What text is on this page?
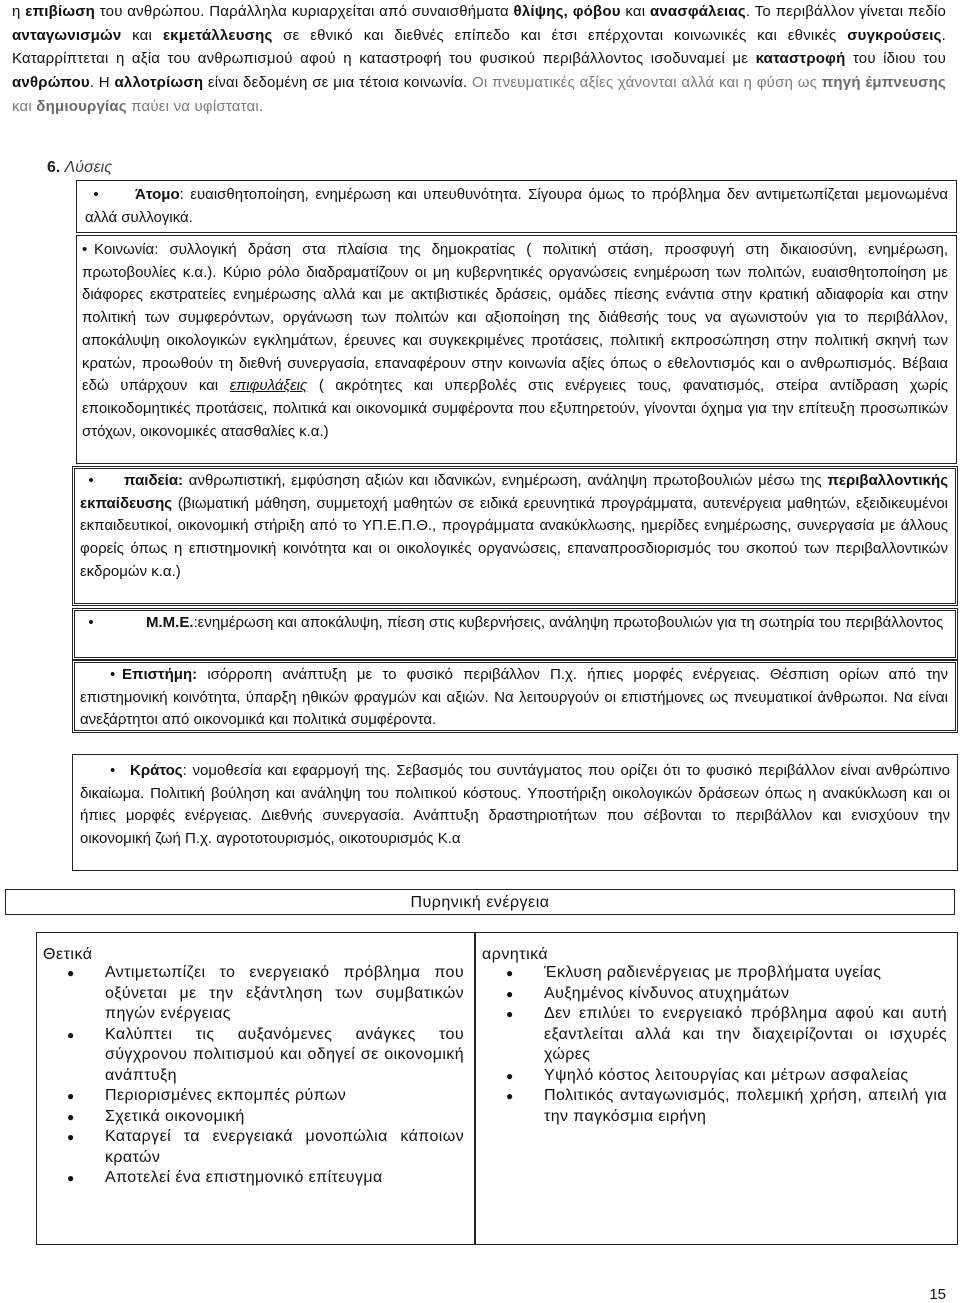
η επιβίωση του ανθρώπου. Παράλληλα κυριαρχείται από συναισθήματα θλίψης, φόβου και ανασφάλειας. Το περιβάλλον γίνεται πεδίο ανταγωνισμών και εκμετάλλευσης σε εθνικό και διεθνές επίπεδο και έτσι επέρχονται κοινωνικές και εθνικές συγκρούσεις. Καταρρίπτεται η αξία του ανθρωπισμού αφού η καταστροφή του φυσικού περιβάλλοντος ισοδυναμεί με καταστροφή του ίδιου του ανθρώπου. Η αλλοτρίωση είναι δεδομένη σε μια τέτοια κοινωνία. Οι πνευματικές αξίες χάνονται αλλά και η φύση ως πηγή έμπνευσης και δημιουργίας παύει να υφίσταται.
6. Λύσεις

• Άτομο: ευαισθητοποίηση, ενημέρωση και υπευθυνότητα. Σίγουρα όμως το πρόβλημα δεν αντιμετωπίζεται μεμονωμένα αλλά συλλογικά.

• Κοινωνία: συλλογική δράση στα πλαίσια της δημοκρατίας ( πολιτική στάση, προσφυγή στη δικαιοσύνη, ενημέρωση, πρωτοβουλίες κ.α.). Κύριο ρόλο διαδραματίζουν οι μη κυβερνητικές οργανώσεις ενημέρωση των πολιτών, ευαισθητοποίηση με διάφορες εκστρατείες ενημέρωσης αλλά και με ακτιβιστικές δράσεις, ομάδες πίεσης ενάντια στην κρατική αδιαφορία και στην πολιτική των συμφερόντων, οργάνωση των πολιτών και αξιοποίηση της διάθεσής τους να αγωνιστούν για το περιβάλλον, αποκάλυψη οικολογικών εγκλημάτων, έρευνες και συγκεκριμένες προτάσεις, πολιτική εκπροσώπηση στην πολιτική σκηνή των κρατών, προωθούν τη διεθνή συνεργασία, επαναφέρουν στην κοινωνία αξίες όπως ο εθελοντισμός και ο ανθρωπισμός. Βέβαια εδώ υπάρχουν και επιφυλάξεις ( ακρότητες και υπερβολές στις ενέργειες τους, φανατισμός, στείρα αντίδραση χωρίς εποικοδομητικές προτάσεις, πολιτικά και οικονομικά συμφέροντα που εξυπηρετούν, γίνονται όχημα για την επίτευξη προσωπικών στόχων, οικονομικές ατασθαλίες κ.α.)

• παιδεία: ανθρωπιστική, εμφύσηση αξιών και ιδανικών, ενημέρωση, ανάληψη πρωτοβουλιών μέσω της περιβαλλοντικής εκπαίδευσης (βιωματική μάθηση, συμμετοχή μαθητών σε ειδικά ερευνητικά προγράμματα, αυτενέργεια μαθητών, εξειδικευμένοι εκπαιδευτικοί, οικονομική στήριξη από το ΥΠ.Ε.Π.Θ., προγράμματα ανακύκλωσης, ημερίδες ενημέρωσης, συνεργασία με άλλους φορείς όπως η επιστημονική κοινότητα και οι οικολογικές οργανώσεις, επαναπροσδιορισμός του σκοπού των περιβαλλοντικών εκδρομών κ.α.)

• Μ.Μ.Ε.:ενημέρωση και αποκάλυψη, πίεση στις κυβερνήσεις, ανάληψη πρωτοβουλιών για τη σωτηρία του περιβάλλοντος

• Επιστήμη: ισόρροπη ανάπτυξη με το φυσικό περιβάλλον Π.χ. ήπιες μορφές ενέργειας. Θέσπιση ορίων από την επιστημονική κοινότητα, ύπαρξη ηθικών φραγμών και αξιών. Να λειτουργούν οι επιστήμονες ως πνευματικοί άνθρωποι. Να είναι ανεξάρτητοι από οικονομικά και πολιτικά συμφέροντα.

• Κράτος: νομοθεσία και εφαρμογή της. Σεβασμός του συντάγματος που ορίζει ότι το φυσικό περιβάλλον είναι ανθρώπινο δικαίωμα. Πολιτική βούληση και ανάληψη του πολιτικού κόστους. Υποστήριξη οικολογικών δράσεων όπως η ανακύκλωση και οι ήπιες μορφές ενέργειας. Διεθνής συνεργασία. Ανάπτυξη δραστηριοτήτων που σέβονται το περιβάλλον και ενισχύουν την οικονομική ζωή Π.χ. αγροτοτουρισμός, οικοτουρισμός Κ.α

Πυρηνική ενέργεια
Θετικά
● Αντιμετωπίζει το ενεργειακό πρόβλημα που οξύνεται με την εξάντληση των συμβατικών πηγών ενέργειας
● Καλύπτει τις αυξανόμενες ανάγκες του σύγχρονου πολιτισμού και οδηγεί σε οικονομική ανάπτυξη
● Περιορισμένες εκπομπές ρύπων
● Σχετικά οικονομική
● Καταργεί τα ενεργειακά μονοπώλια κάποιων κρατών
● Αποτελεί ένα επιστημονικό επίτευγμα
αρνητικά
● Έκλυση ραδιενέργειας με προβλήματα υγείας
● Αυξημένος κίνδυνος ατυχημάτων
● Δεν επιλύει το ενεργειακό πρόβλημα αφού και αυτή εξαντλείται αλλά και την διαχειρίζονται οι ισχυρές χώρες
● Υψηλό κόστος λειτουργίας και μέτρων ασφαλείας
● Πολιτικός ανταγωνισμός, πολεμική χρήση, απειλή για την παγκόσμια ειρήνη
15
